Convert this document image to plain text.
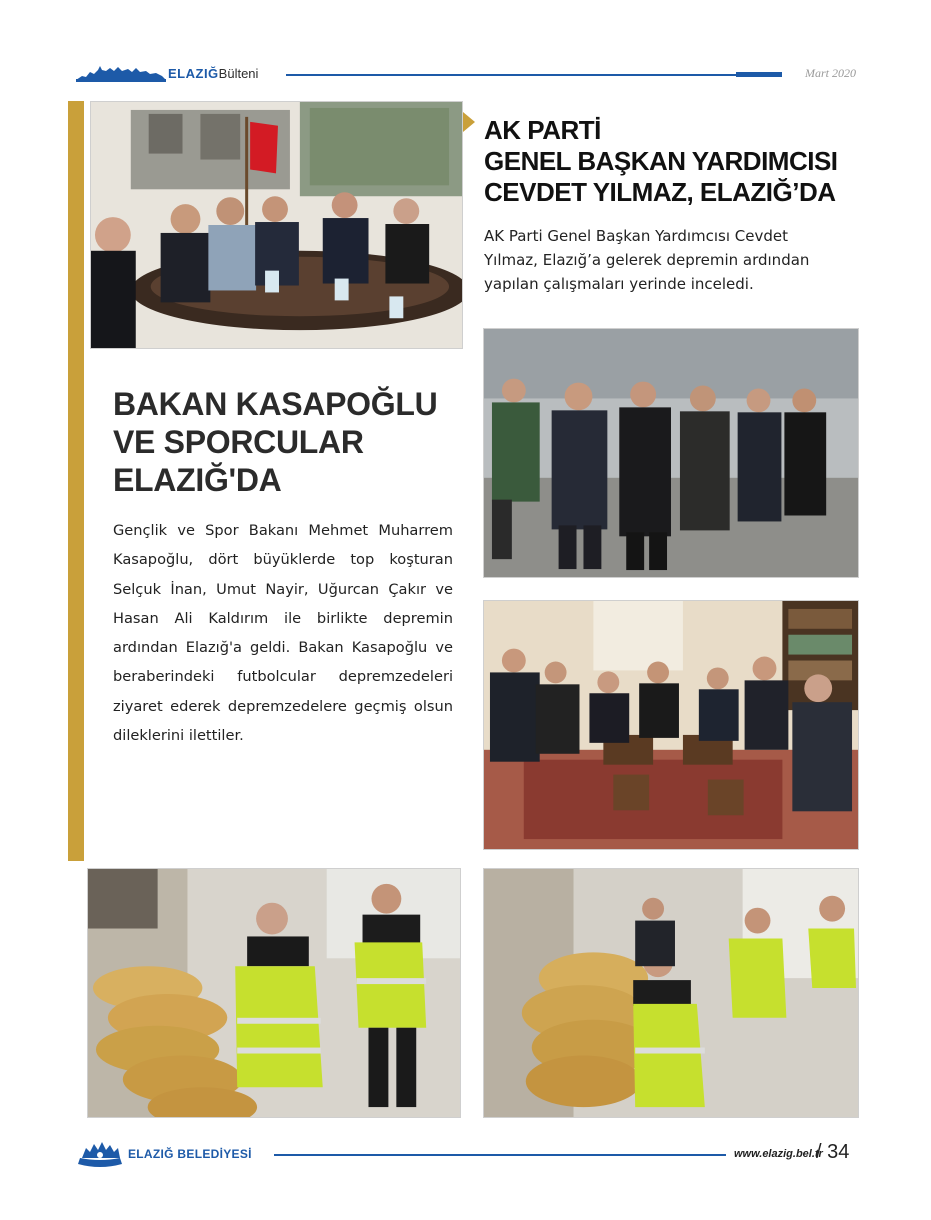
ELAZIĞBülteni	Mart 2020
AK PARTİ
GENEL BAŞKAN YARDIMCISI
CEVDET YILMAZ, ELAZIĞ’DA
AK Parti Genel Başkan Yardımcısı Cevdet Yılmaz, Elazığ’a gelerek depremin ardından yapılan çalışmaları yerinde inceledi.
BAKAN KASAPOĞLU
VE SPORCULAR
ELAZIĞ'DA
Gençlik ve Spor Bakanı Mehmet Muharrem Kasapoğlu, dört büyüklerde top koşturan Selçuk İnan, Umut Nayir, Uğurcan Çakır ve Hasan Ali Kaldırım ile birlikte depremin ardından Elazığ'a geldi. Bakan Kasapoğlu ve beraberindeki futbolcular depremzedeleri ziyaret ederek depremzedelere geçmiş olsun dileklerini ilettiler.
ELAZIĞ BELEDİYESİ	www.elazig.bel.tr
/ 34
